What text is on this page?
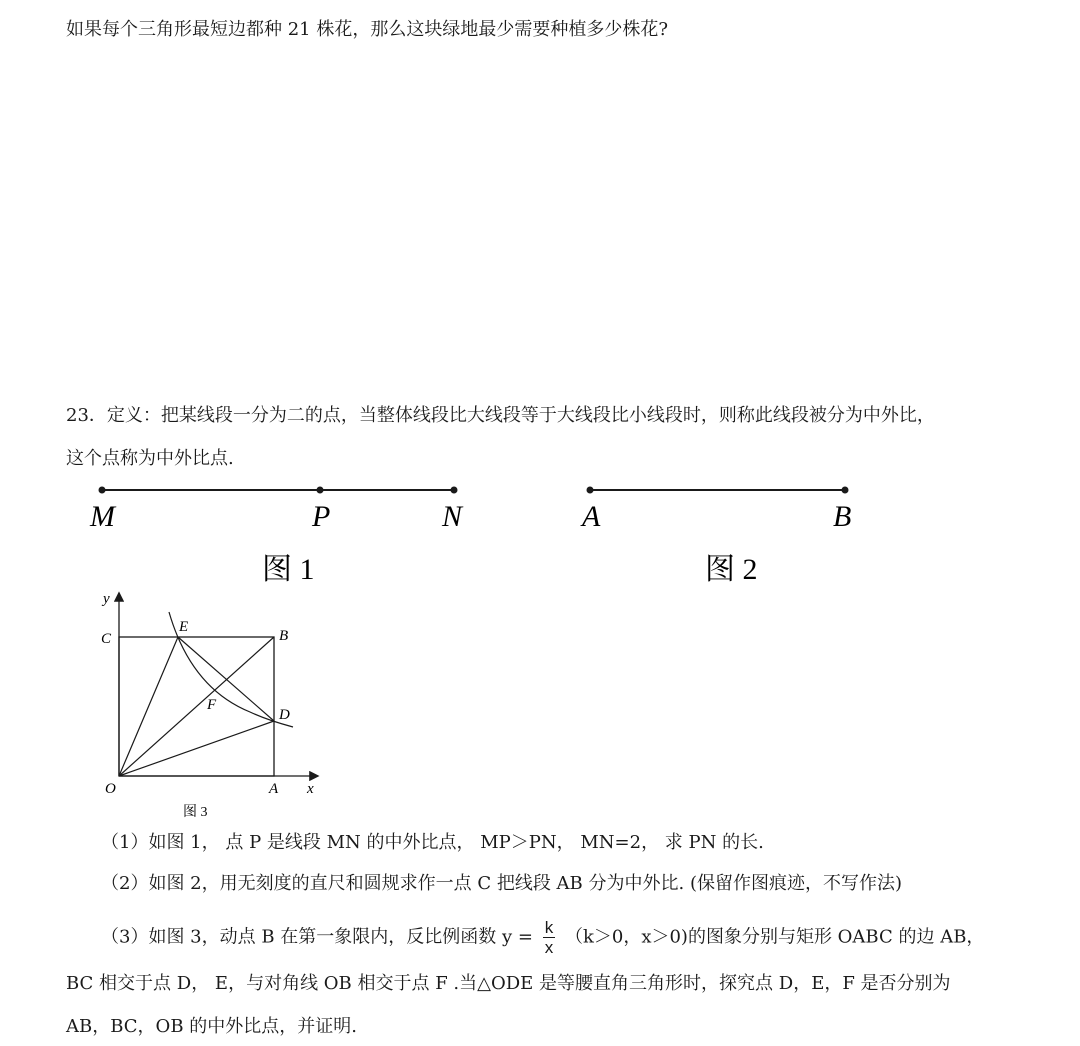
如果每个三角形最短边都种 21 株花，那么这块绿地最少需要种植多少株花?

23．定义：把某线段一分为二的点，当整体线段比大线段等于大线段比小线段时，则称此线段被分为中外比，

这个点称为中外比点.

M	P	N
图 1
A	B
图 2
y
x
C
E
B
F
D
O	A
图 3

（1）如图 1， 点 P 是线段 MN 的中外比点， MP＞PN， MN=2， 求 PN 的长.

（2）如图 2，用无刻度的直尺和圆规求作一点 C 把线段 AB 分为中外比. (保留作图痕迹，不写作法)

（3）如图 3，动点 B 在第一象限内，反比例函数 $y = \frac{k}{x} (k>0$，x＞0)的图象分别与矩形 OABC 的边 AB，

BC 相交于点 D， E，与对角线 OB 相交于点 F .当△ODE 是等腰直角三角形时，探究点 D，E，F 是否分别为

AB，BC，OB 的中外比点，并证明.
